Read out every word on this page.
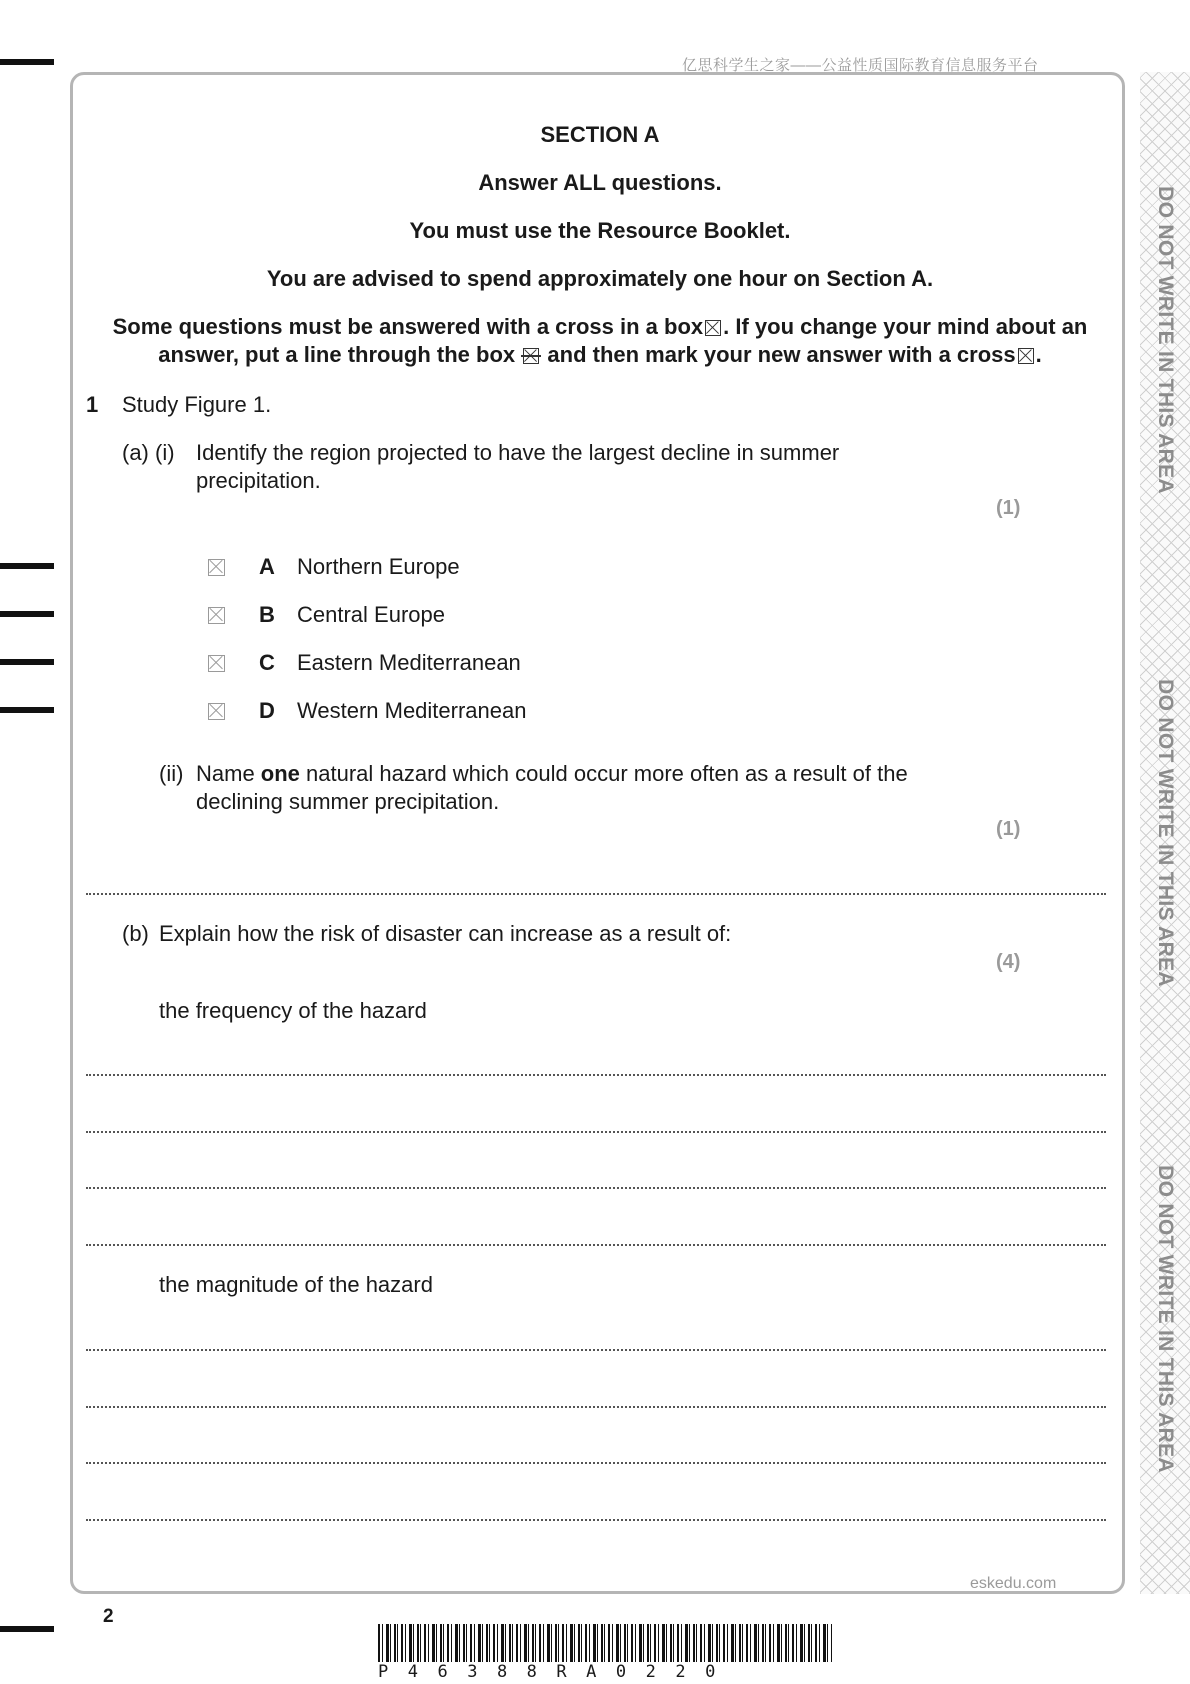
亿思科学生之家——公益性质国际教育信息服务平台
DO NOT WRITE IN THIS AREA
DO NOT WRITE IN THIS AREA
DO NOT WRITE IN THIS AREA
SECTION A
Answer ALL questions.
You must use the Resource Booklet.
You are advised to spend approximately one hour on Section A.
Some questions must be answered with a cross in a box ☒ . If you change your mind about an
answer, put a line through the box and then mark your new answer with a cross ☒ .
1 Study Figure 1.
(a) (i) Identify the region projected to have the largest decline in summer
precipitation.
(1)
A Northern Europe
B Central Europe
C Eastern Mediterranean
D Western Mediterranean
(ii) Name one natural hazard which could occur more often as a result of the
declining summer precipitation.
(1)
(b) Explain how the risk of disaster can increase as a result of:
(4)
the frequency of the hazard
the magnitude of the hazard
eskedu.com
2
P46388RA0220
